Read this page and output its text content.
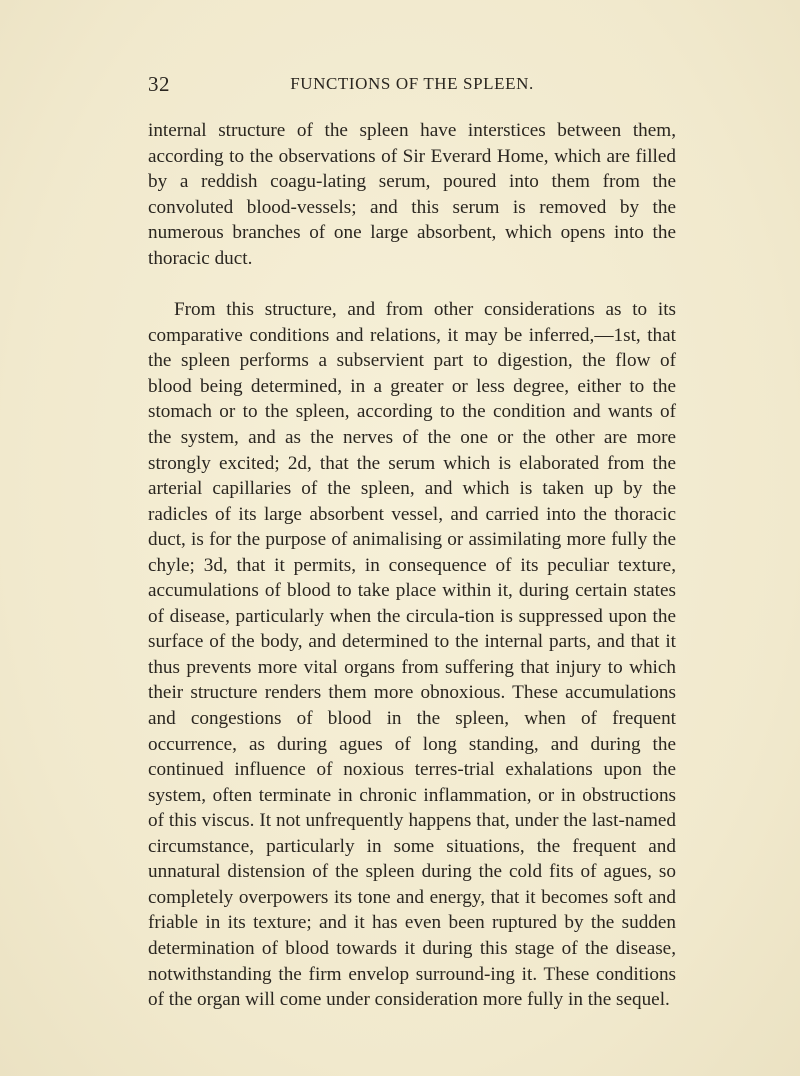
32	FUNCTIONS OF THE SPLEEN.

internal structure of the spleen have interstices between them, according to the observations of Sir Everard Home, which are filled by a reddish coagu-lating serum, poured into them from the convoluted blood-vessels; and this serum is removed by the numerous branches of one large absorbent, which opens into the thoracic duct.

From this structure, and from other considerations as to its comparative conditions and relations, it may be inferred,—1st, that the spleen performs a subservient part to digestion, the flow of blood being determined, in a greater or less degree, either to the stomach or to the spleen, according to the condition and wants of the system, and as the nerves of the one or the other are more strongly excited; 2d, that the serum which is elaborated from the arterial capillaries of the spleen, and which is taken up by the radicles of its large absorbent vessel, and carried into the thoracic duct, is for the purpose of animalising or assimilating more fully the chyle; 3d, that it permits, in consequence of its peculiar texture, accumulations of blood to take place within it, during certain states of disease, particularly when the circula-tion is suppressed upon the surface of the body, and determined to the internal parts, and that it thus prevents more vital organs from suffering that injury to which their structure renders them more obnoxious. These accumulations and congestions of blood in the spleen, when of frequent occurrence, as during agues of long standing, and during the continued influence of noxious terres-trial exhalations upon the system, often terminate in chronic inflammation, or in obstructions of this viscus. It not unfrequently happens that, under the last-named circumstance, particularly in some situations, the frequent and unnatural distension of the spleen during the cold fits of agues, so completely overpowers its tone and energy, that it becomes soft and friable in its texture; and it has even been ruptured by the sudden determination of blood towards it during this stage of the disease, notwithstanding the firm envelop surround-ing it. These conditions of the organ will come under consideration more fully in the sequel.
